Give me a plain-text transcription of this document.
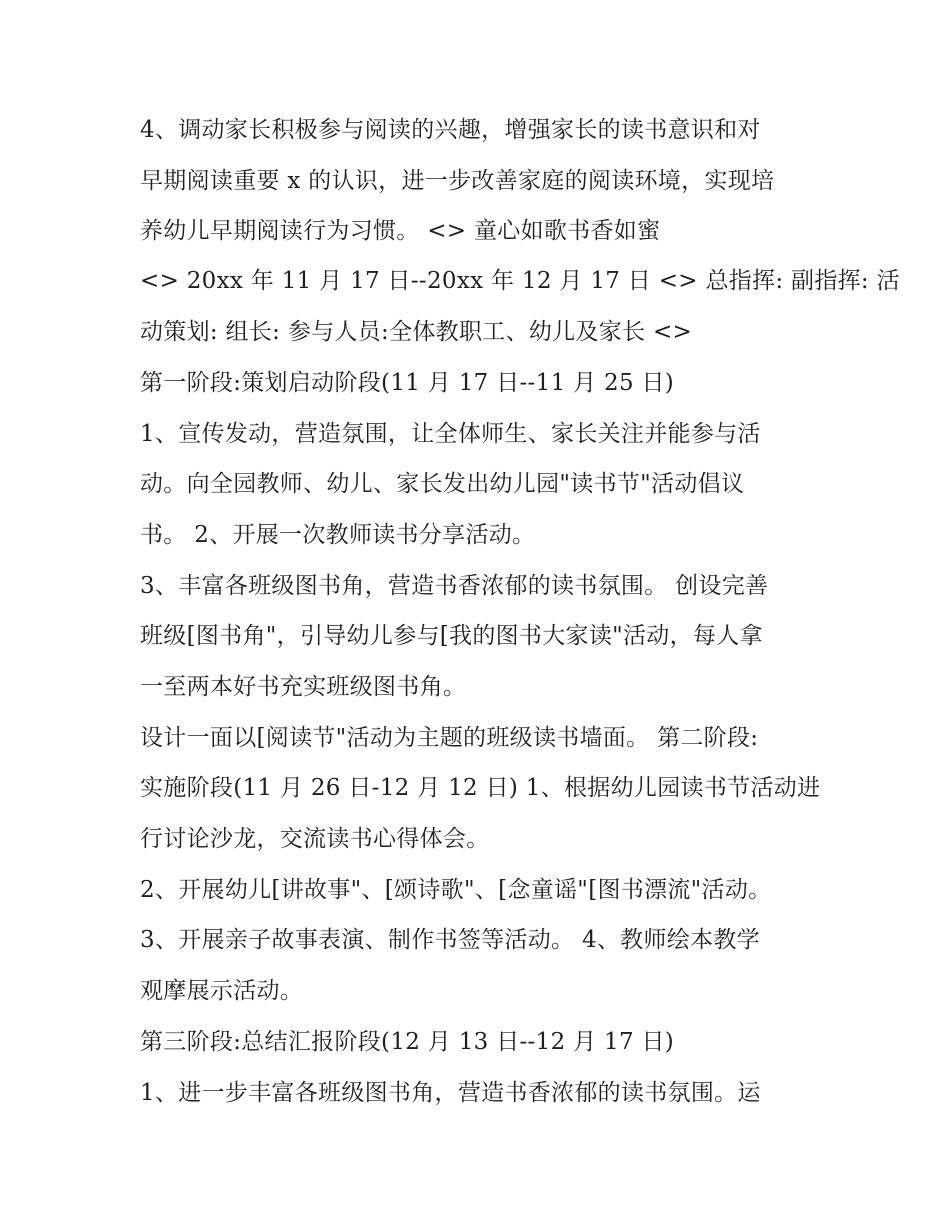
4、调动家长积极参与阅读的兴趣，增强家长的读书意识和对
早期阅读重要 x 的认识，进一步改善家庭的阅读环境，实现培
养幼儿早期阅读行为习惯。 <> 童心如歌书香如蜜
<> 20xx 年 11 月 17 日--20xx 年 12 月 17 日 <> 总指挥: 副指挥: 活
动策划: 组长: 参与人员:全体教职工、幼儿及家长 <>
第一阶段:策划启动阶段(11 月 17 日--11 月 25 日)
1、宣传发动，营造氛围，让全体师生、家长关注并能参与活
动。向全园教师、幼儿、家长发出幼儿园"读书节"活动倡议
书。 2、开展一次教师读书分享活动。
3、丰富各班级图书角，营造书香浓郁的读书氛围。 创设完善
班级[图书角"，引导幼儿参与[我的图书大家读"活动，每人拿
一至两本好书充实班级图书角。
设计一面以[阅读节"活动为主题的班级读书墙面。 第二阶段:
实施阶段(11 月 26 日-12 月 12 日) 1、根据幼儿园读书节活动进
行讨论沙龙，交流读书心得体会。
2、开展幼儿[讲故事"、[颂诗歌"、[念童谣"[图书漂流"活动。
3、开展亲子故事表演、制作书签等活动。 4、教师绘本教学
观摩展示活动。
第三阶段:总结汇报阶段(12 月 13 日--12 月 17 日)
1、进一步丰富各班级图书角，营造书香浓郁的读书氛围。运
